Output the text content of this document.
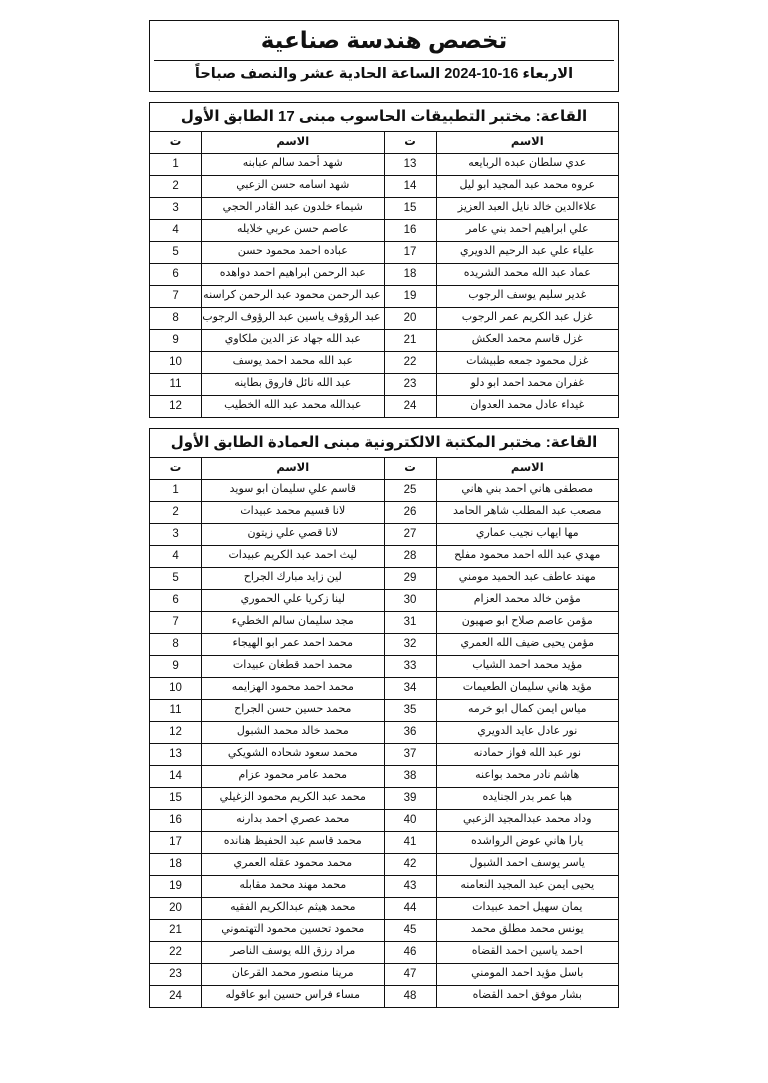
تخصص هندسة صناعية
الاربعاء 16-10-2024 الساعة الحادية عشر والنصف صباحاً
القاعة: مختبر التطبيقات الحاسوب مبنى 17 الطابق الأول
الاسم	ت	الاسم	ت
عدي سلطان عبده الربايعه	13	شهد أحمد سالم عبابنه	1
عروه محمد عبد المجيد ابو ليل	14	شهد اسامه حسن الزعبي	2
علاءالدين خالد نايل العبد العزيز	15	شيماء خلدون عبد القادر الحجي	3
علي ابراهيم احمد بني عامر	16	عاصم حسن عربي خلايله	4
علياء علي عبد الرحيم الدويري	17	عباده احمد محمود حسن	5
عماد عبد الله محمد الشريده	18	عبد الرحمن ابراهيم احمد دواهده	6
غدير سليم يوسف الرجوب	19	عبد الرحمن محمود عبد الرحمن كراسنه	7
غزل عبد الكريم عمر الرجوب	20	عبد الرؤوف ياسين عبد الرؤوف الرجوب	8
غزل قاسم محمد العكش	21	عبد الله جهاد عز الدين ملكاوي	9
غزل محمود جمعه طبيشات	22	عبد الله محمد احمد يوسف	10
غفران محمد احمد ابو دلو	23	عبد الله نائل فاروق بطاينه	11
غيداء عادل محمد العدوان	24	عبدالله محمد عبد الله الخطيب	12
القاعة: مختبر المكتبة الالكترونية مبنى العمادة الطابق الأول
الاسم	ت	الاسم	ت
مصطفى هاني احمد بني هاني	25	قاسم علي سليمان ابو سويد	1
مصعب عبد المطلب شاهر الحامد	26	لانا قسيم محمد عبيدات	2
مها ايهاب نجيب عماري	27	لانا قصي علي زيتون	3
مهدي عبد الله احمد محمود مفلح	28	ليث احمد عبد الكريم عبيدات	4
مهند عاطف عبد الحميد مومني	29	لين زايد مبارك الجراح	5
مؤمن خالد محمد العزام	30	لينا زكريا علي الحموري	6
مؤمن عاصم صلاح ابو صهيون	31	مجد سليمان سالم الخطيء	7
مؤمن يحيى ضيف الله العمري	32	محمد احمد عمر ابو الهيجاء	8
مؤيد محمد احمد الشياب	33	محمد احمد قطغان عبيدات	9
مؤيد هاني سليمان الطعيمات	34	محمد احمد محمود الهزايمه	10
مياس ايمن كمال ابو خرمه	35	محمد حسين حسن الجراح	11
نور عادل عايد الدويري	36	محمد خالد محمد الشبول	12
نور عبد الله فواز حمادنه	37	محمد سعود شحاده الشويكي	13
هاشم نادر محمد بواعنه	38	محمد عامر محمود عزام	14
هبا عمر بدر الجنايده	39	محمد عبد الكريم محمود الزغيلي	15
وداد محمد عبدالمجيد الزعبي	40	محمد عصري احمد بدارنه	16
يارا هاني عوض الرواشده	41	محمد قاسم عبد الحفيظ هنانده	17
ياسر يوسف احمد الشبول	42	محمد محمود عقله العمري	18
يحيى ايمن عبد المجيد النعامنه	43	محمد مهند محمد مقابله	19
يمان سهيل احمد عبيدات	44	محمد هيثم عبدالكريم الفقيه	20
يونس محمد مطلق محمد	45	محمود تحسين محمود التهتموني	21
احمد ياسين احمد القضاه	46	مراد رزق الله يوسف الناصر	22
باسل مؤيد احمد المومني	47	مرينا منصور محمد القرعان	23
بشار موفق احمد القضاه	48	مساء فراس حسين ابو عاقوله	24
